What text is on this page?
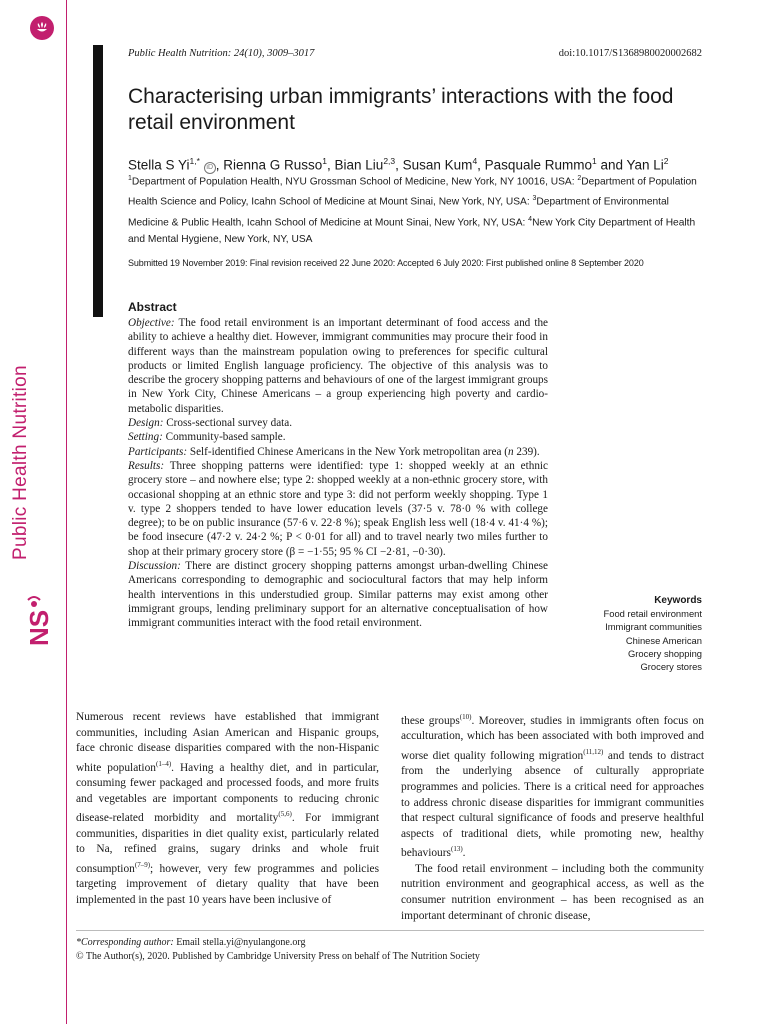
Public Health Nutrition
NS
Public Health Nutrition: 24(10), 3009–3017	doi:10.1017/S1368980020002682
Characterising urban immigrants’ interactions with the food retail environment
Stella S $Yi^{1,*}$ iD , Rienna G Russo$^1$, Bian Liu$^{2,3}$, Susan Kum$^4$, Pasquale Rummo$^1$ and Yan Li$^2$
$^1$Department of Population Health, NYU Grossman School of Medicine, New York, NY 10016, USA: $^2$Department of Population Health Science and Policy, Icahn School of Medicine at Mount Sinai, New York, NY, USA: $^3$Department of Environmental Medicine & Public Health, Icahn School of Medicine at Mount Sinai, New York, NY, USA: $^4$New York City Department of Health and Mental Hygiene, New York, NY, USA
Submitted 19 November 2019: Final revision received 22 June 2020: Accepted 6 July 2020: First published online 8 September 2020
Abstract

Objective: The food retail environment is an important determinant of food access and the ability to achieve a healthy diet. However, immigrant communities may procure their food in different ways than the mainstream population owing to preferences for specific cultural products or limited English language proficiency. The objective of this analysis was to describe the grocery shopping patterns and behaviours of one of the largest immigrant groups in New York City, Chinese Americans – a group experiencing high poverty and cardio-metabolic disparities.

Design: Cross-sectional survey data.

Setting: Community-based sample.

Participants: Self-identified Chinese Americans in the New York metropolitan area (n 239).

Results: Three shopping patterns were identified: type 1: shopped weekly at an ethnic grocery store – and nowhere else; type 2: shopped weekly at a non-ethnic grocery store, with occasional shopping at an ethnic store and type 3: did not perform weekly shopping. Type 1 v. type 2 shoppers tended to have lower education levels (37·5 v. 78·0 % with college degree); to be on public insurance (57·6 v. 22·8 %); speak English less well (18·4 v. 41·4 %); be food insecure (47·2 v. 24·2 %; P < 0·01 for all) and to travel nearly two miles further to shop at their primary grocery store (β = −1·55; 95 % CI −2·81, −0·30).

Discussion: There are distinct grocery shopping patterns amongst urban-dwelling Chinese Americans corresponding to demographic and sociocultural factors that may help inform health interventions in this understudied group. Similar patterns may exist among other immigrant groups, lending preliminary support for an alternative conceptualisation of how immigrant communities interact with the food retail environment.

Keywords
Food retail environment
Immigrant communities
Chinese American
Grocery shopping
Grocery stores

Numerous recent reviews have established that immigrant communities, including Asian American and Hispanic groups, face chronic disease disparities compared with the non-Hispanic white population$^{(1-4)}$. Having a healthy diet, and in particular, consuming fewer packaged and processed foods, and more fruits and vegetables are important components to reducing chronic disease-related morbidity and mortality$^{(5,6)}$. For immigrant communities, disparities in diet quality exist, particularly related to Na, refined grains, sugary drinks and whole fruit consumption$^{(7-9)}$; however, very few programmes and policies targeting improvement of dietary quality that have been implemented in the past 10 years have been inclusive of

these groups$^{(10)}$. Moreover, studies in immigrants often focus on acculturation, which has been associated with both improved and worse diet quality following migration$^{(11,12)}$ and tends to distract from the underlying absence of culturally appropriate programmes and policies. There is a critical need for approaches to address chronic disease disparities for immigrant communities that respect cultural significance of foods and preserve healthful aspects of traditional diets, while promoting new, healthy behaviours$^{(13)}$.

The food retail environment – including both the community nutrition environment and geographical access, as well as the consumer nutrition environment – has been recognised as an important determinant of chronic disease,

*Corresponding author: Email stella.yi@nyulangone.org
© The Author(s), 2020. Published by Cambridge University Press on behalf of The Nutrition Society
